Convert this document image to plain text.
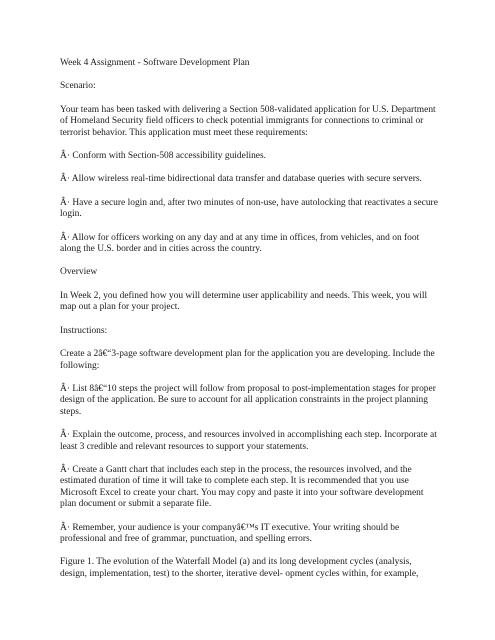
Week 4 Assignment - Software Development Plan

Scenario:

Your team has been tasked with delivering a Section 508-validated application for U.S. Department of Homeland Security field officers to check potential immigrants for connections to criminal or terrorist behavior. This application must meet these requirements:

Â· Conform with Section-508 accessibility guidelines.

Â· Allow wireless real-time bidirectional data transfer and database queries with secure servers.

Â· Have a secure login and, after two minutes of non-use, have autolocking that reactivates a secure login.

Â· Allow for officers working on any day and at any time in offices, from vehicles, and on foot along the U.S. border and in cities across the country.

Overview

In Week 2, you defined how you will determine user applicability and needs. This week, you will map out a plan for your project.

Instructions:

Create a 2â€“3-page software development plan for the application you are developing. Include the following:

Â· List 8â€“10 steps the project will follow from proposal to post-implementation stages for proper design of the application. Be sure to account for all application constraints in the project planning steps.

Â· Explain the outcome, process, and resources involved in accomplishing each step. Incorporate at least 3 credible and relevant resources to support your statements.

Â· Create a Gantt chart that includes each step in the process, the resources involved, and the estimated duration of time it will take to complete each step. It is recommended that you use Microsoft Excel to create your chart. You may copy and paste it into your software development plan document or submit a separate file.

Â· Remember, your audience is your companyâ€™s IT executive. Your writing should be professional and free of grammar, punctuation, and spelling errors.

Figure 1. The evolution of the Waterfall Model (a) and its long development cycles (analysis, design, implementation, test) to the shorter, iterative devel- opment cycles within, for example,
